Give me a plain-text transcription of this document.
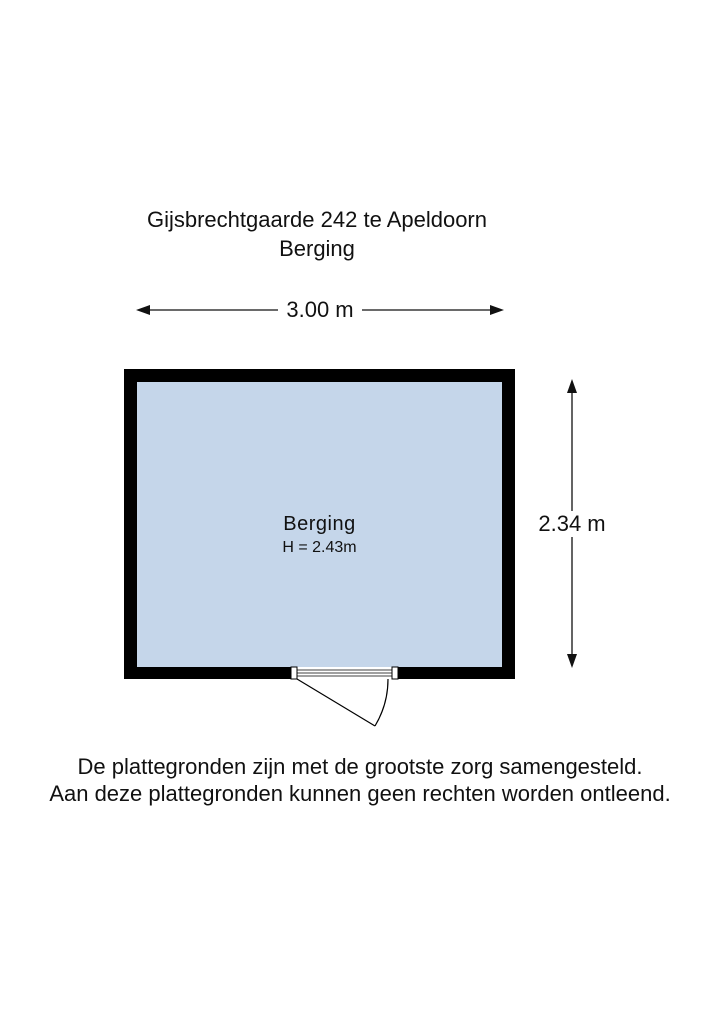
Gijsbrechtgaarde 242 te Apeldoorn
Berging
3.00 m
2.34 m
Berging
H = 2.43m
De plattegronden zijn met de grootste zorg samengesteld.
Aan deze plattegronden kunnen geen rechten worden ontleend.
